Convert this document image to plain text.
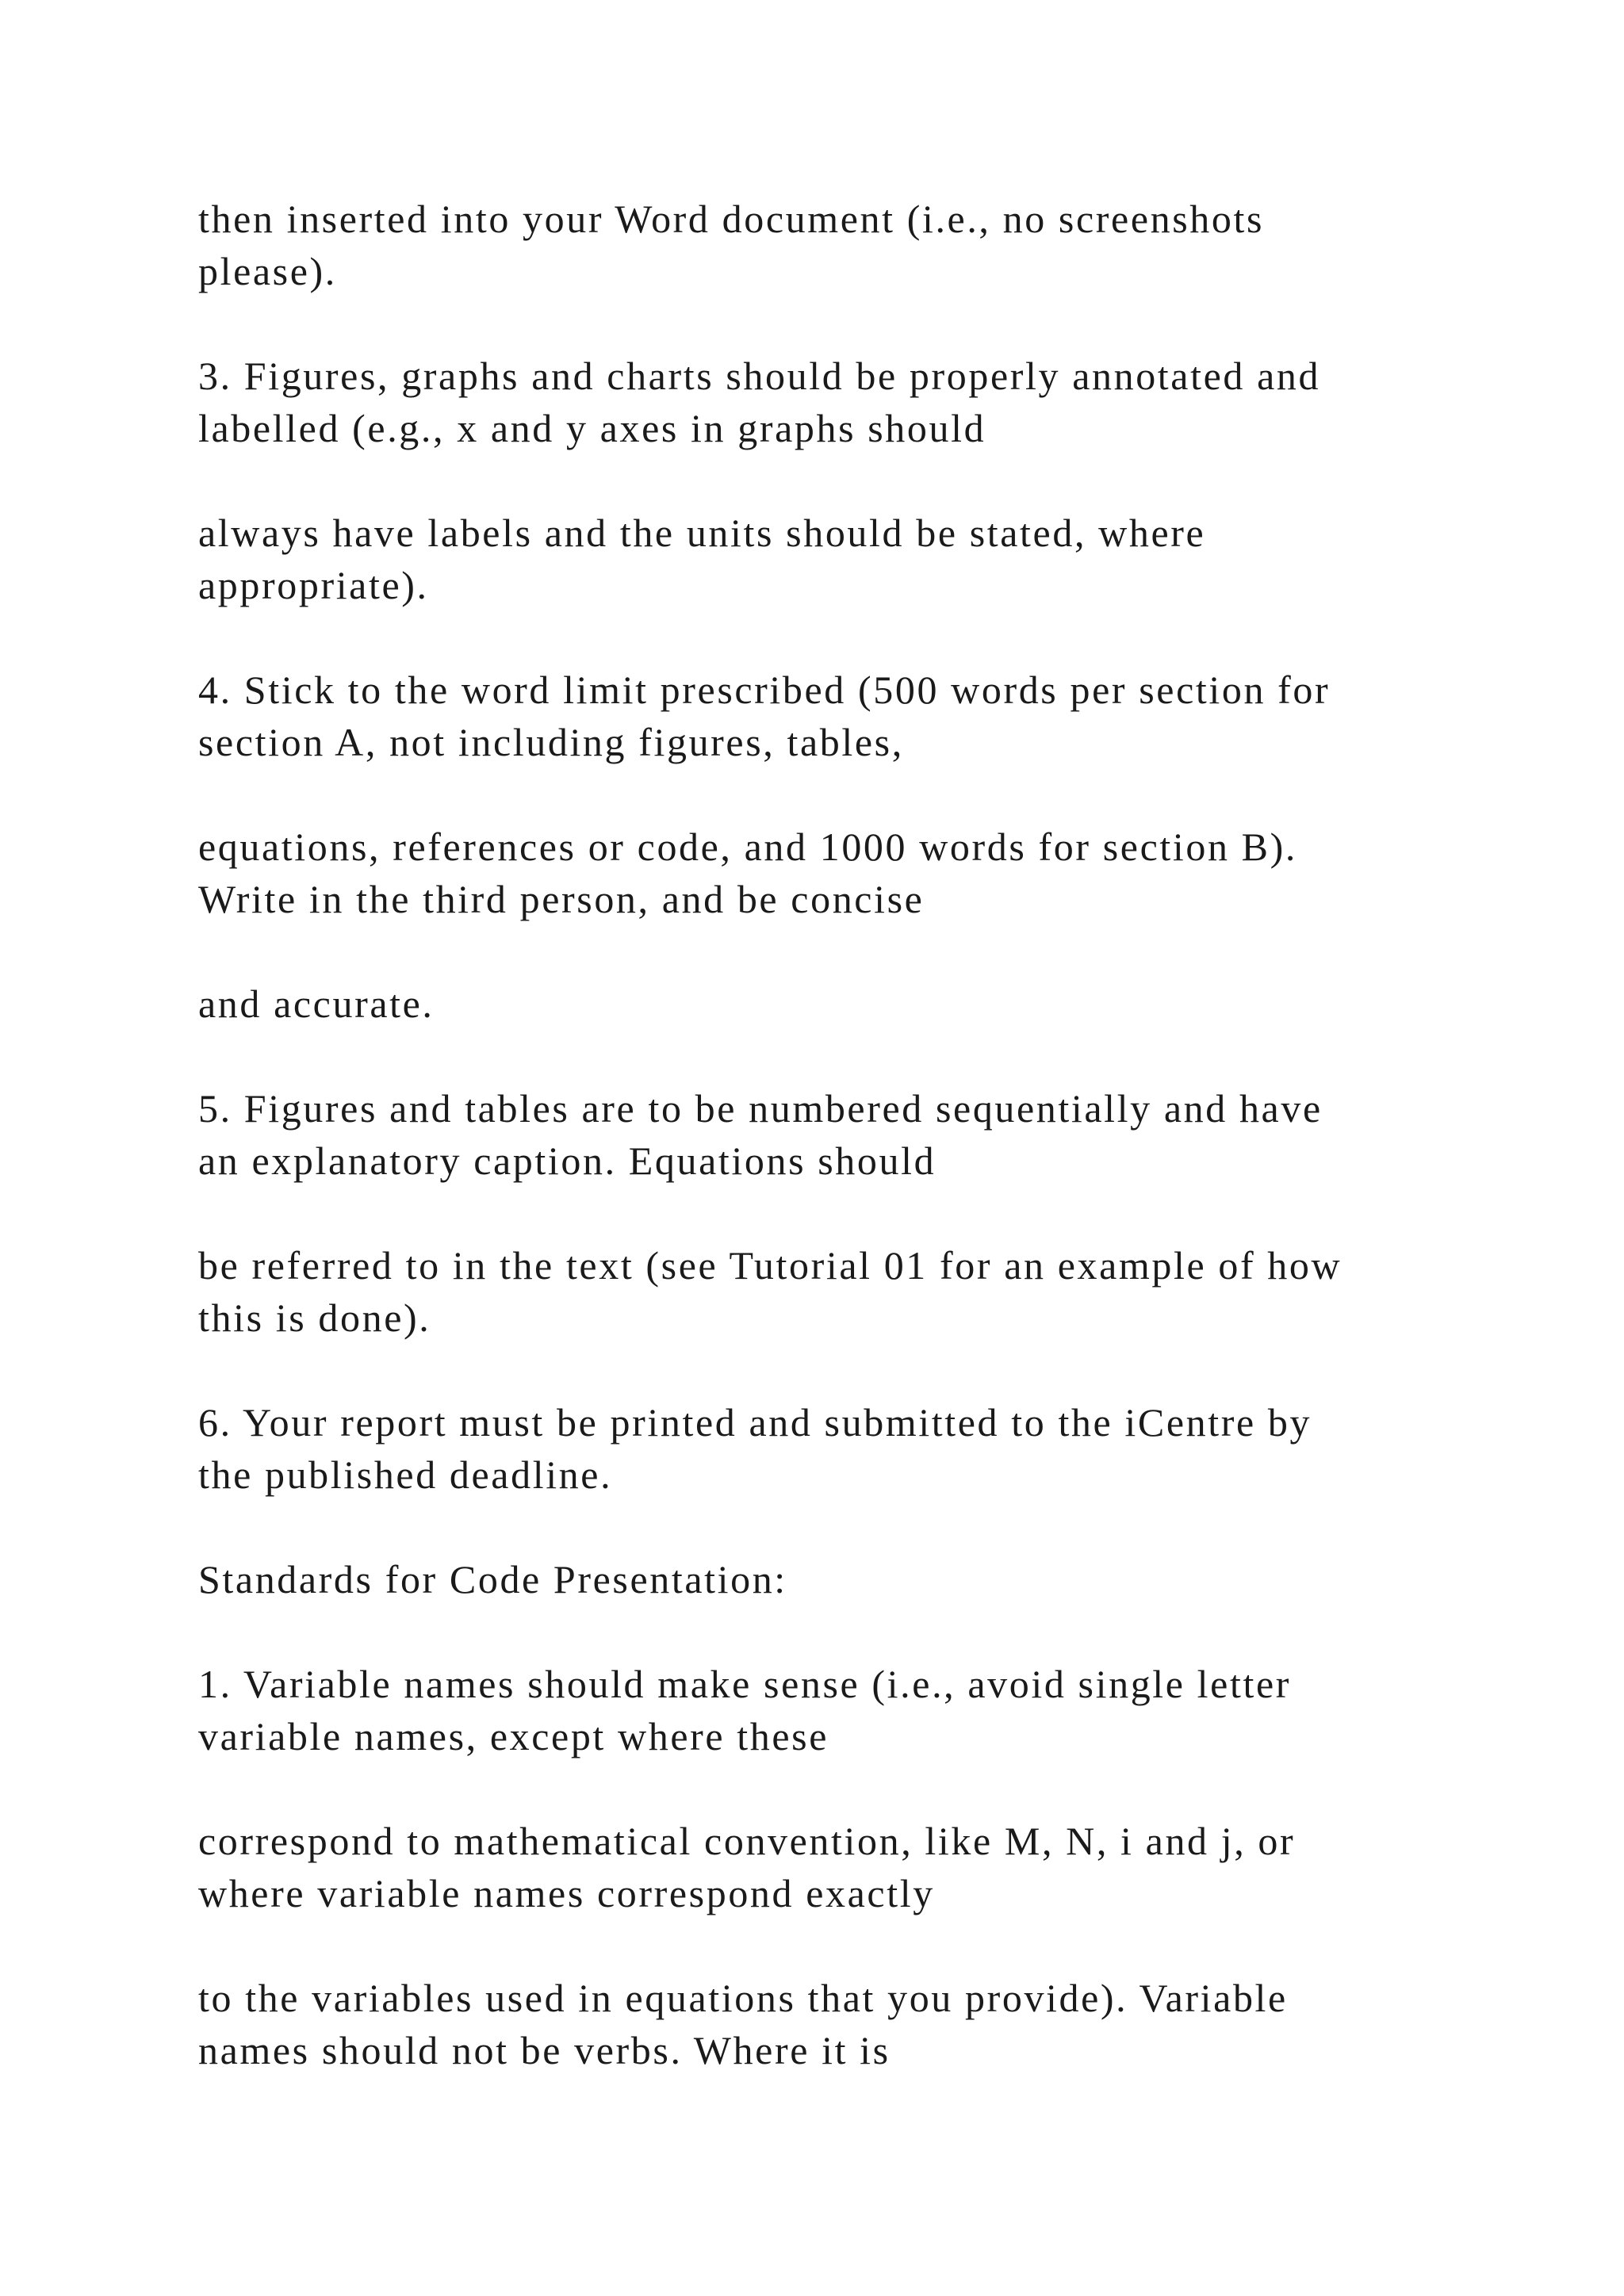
then inserted into your Word document (i.e., no screenshots
please).

3. Figures, graphs and charts should be properly annotated and
labelled (e.g., x and y axes in graphs should

always have labels and the units should be stated, where
appropriate).

4. Stick to the word limit prescribed (500 words per section for
section A, not including figures, tables,

equations, references or code, and 1000 words for section B).
Write in the third person, and be concise

and accurate.

5. Figures and tables are to be numbered sequentially and have
an explanatory caption. Equations should

be referred to in the text (see Tutorial 01 for an example of how
this is done).

6. Your report must be printed and submitted to the iCentre by
the published deadline.

Standards for Code Presentation:

1. Variable names should make sense (i.e., avoid single letter
variable names, except where these

correspond to mathematical convention, like M, N, i and j, or
where variable names correspond exactly

to the variables used in equations that you provide). Variable
names should not be verbs. Where it is
